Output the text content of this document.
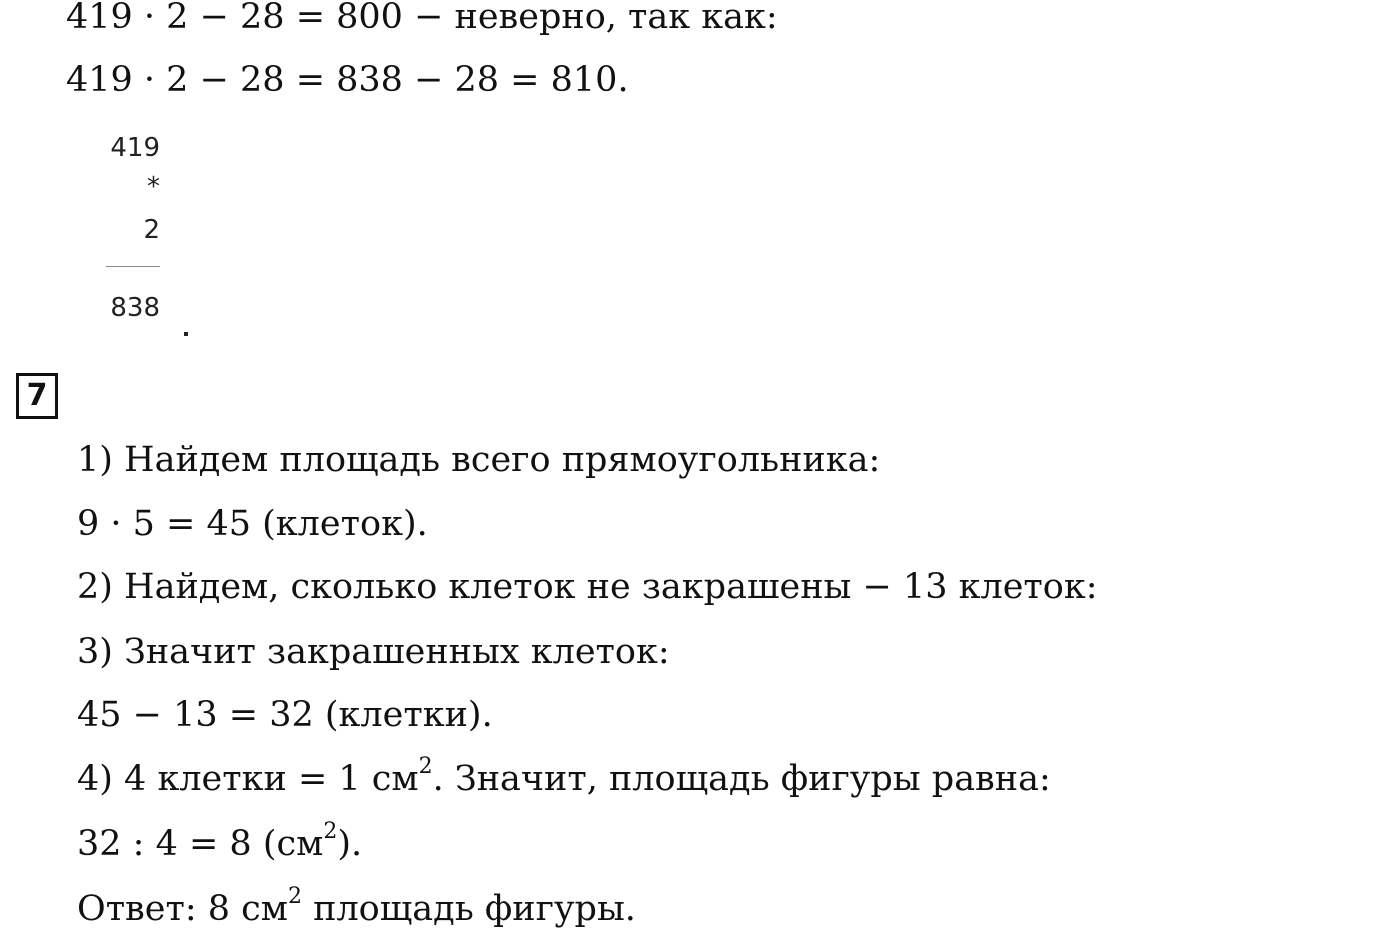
419 · 2 − 28 = 800 − неверно, так как:
419 · 2 − 28 = 838 − 28 = 810.
419
*
2
838
7
1) Найдем площадь всего прямоугольника:
9 · 5 = 45 (клеток).
2) Найдем, сколько клеток не закрашены − 13 клеток:
3) Значит закрашенных клеток:
45 − 13 = 32 (клетки).
4) 4 клетки = 1 $см^2$. Значит, площадь фигуры равна:
32 : 4 = 8 $(см^2)$.
Ответ: 8 $см^2$ площадь фигуры.
